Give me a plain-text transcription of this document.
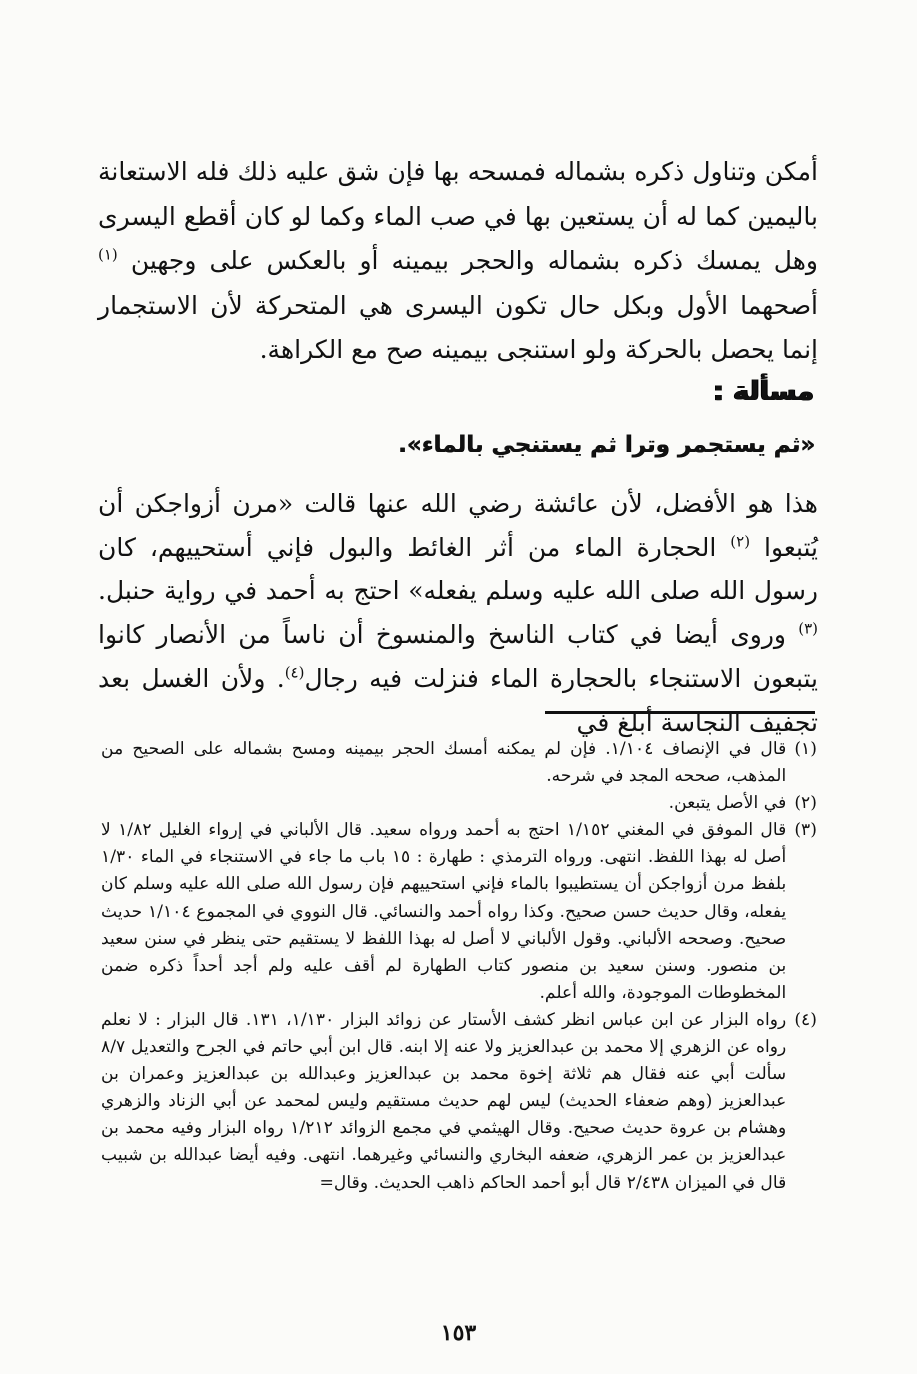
أمكن وتناول ذكره بشماله فمسحه بها فإن شق عليه ذلك فله الاستعانة باليمين كما له أن يستعين بها في صب الماء وكما لو كان أقطع اليسرى وهل يمسك ذكره بشماله والحجر بيمينه أو بالعكس على وجهين $^{(١)}$ أصحهما الأول وبكل حال تكون اليسرى هي المتحركة لأن الاستجمار إنما يحصل بالحركة ولو استنجى بيمينه صح مع الكراهة.

مسألة :
«ثم يستجمر وترا ثم يستنجي بالماء».

هذا هو الأفضل، لأن عائشة رضي الله عنها قالت «مرن أزواجكن أن يُتبعوا $^{(٢)}$ الحجارة الماء من أثر الغائط والبول فإني أستحييهم، كان رسول الله صلى الله عليه وسلم يفعله» احتج به أحمد في رواية حنبل. $^{(٣)}$ وروى أيضا في كتاب الناسخ والمنسوخ أن ناساً من الأنصار كانوا يتبعون الاستنجاء بالحجارة الماء فنزلت فيه رجال$^{(٤)}$. ولأن الغسل بعد تجفيف النجاسة أبلغ في

(١)
قال في الإنصاف ١/١٠٤. فإن لم يمكنه أمسك الحجر بيمينه ومسح بشماله على الصحيح من المذهب، صححه المجد في شرحه.
(٢)
في الأصل يتبعن.
(٣)
قال الموفق في المغني ١/١٥٢ احتج به أحمد ورواه سعيد. قال الألباني في إرواء الغليل ١/٨٢ لا أصل له بهذا اللفظ. انتهى. ورواه الترمذي : طهارة : ١٥ باب ما جاء في الاستنجاء في الماء ١/٣٠ بلفظ مرن أزواجكن أن يستطيبوا بالماء فإني استحييهم فإن رسول الله صلى الله عليه وسلم كان يفعله، وقال حديث حسن صحيح. وكذا رواه أحمد والنسائي. قال النووي في المجموع ١/١٠٤ حديث صحيح. وصححه الألباني. وقول الألباني لا أصل له بهذا اللفظ لا يستقيم حتى ينظر في سنن سعيد بن منصور. وسنن سعيد بن منصور كتاب الطهارة لم أقف عليه ولم أجد أحداً ذكره ضمن المخطوطات الموجودة، والله أعلم.
(٤)
رواه البزار عن ابن عباس انظر كشف الأستار عن زوائد البزار ١/١٣٠، ١٣١. قال البزار : لا نعلم رواه عن الزهري إلا محمد بن عبدالعزيز ولا عنه إلا ابنه. قال ابن أبي حاتم في الجرح والتعديل ٨/٧ سألت أبي عنه فقال هم ثلاثة إخوة محمد بن عبدالعزيز وعبدالله بن عبدالعزيز وعمران بن عبدالعزيز (وهم ضعفاء الحديث) ليس لهم حديث مستقيم وليس لمحمد عن أبي الزناد والزهري وهشام بن عروة حديث صحيح. وقال الهيثمي في مجمع الزوائد ١/٢١٢ رواه البزار وفيه محمد بن عبدالعزيز بن عمر الزهري، ضعفه البخاري والنسائي وغيرهما. انتهى. وفيه أيضا عبدالله بن شبيب قال في الميزان ٢/٤٣٨ قال أبو أحمد الحاكم ذاهب الحديث. وقال=
١٥٣
